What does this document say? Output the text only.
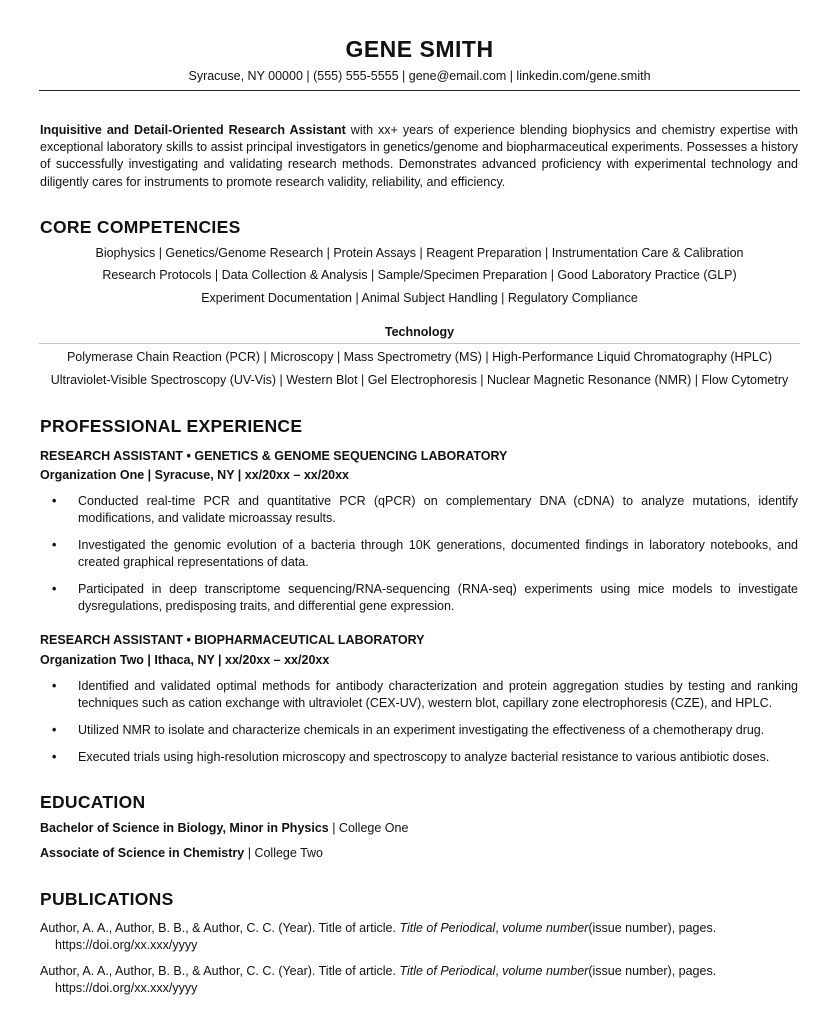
GENE SMITH
Syracuse, NY 00000 | (555) 555-5555 | gene@email.com | linkedin.com/gene.smith
Inquisitive and Detail-Oriented Research Assistant with xx+ years of experience blending biophysics and chemistry expertise with exceptional laboratory skills to assist principal investigators in genetics/genome and biopharmaceutical experiments. Possesses a history of successfully investigating and validating research methods. Demonstrates advanced proficiency with experimental technology and diligently cares for instruments to promote research validity, reliability, and efficiency.
CORE COMPETENCIES
Biophysics | Genetics/Genome Research | Protein Assays | Reagent Preparation | Instrumentation Care & Calibration
Research Protocols | Data Collection & Analysis | Sample/Specimen Preparation | Good Laboratory Practice (GLP)
Experiment Documentation | Animal Subject Handling | Regulatory Compliance
Technology
Polymerase Chain Reaction (PCR) | Microscopy | Mass Spectrometry (MS) | High-Performance Liquid Chromatography (HPLC)
Ultraviolet-Visible Spectroscopy (UV-Vis) | Western Blot | Gel Electrophoresis | Nuclear Magnetic Resonance (NMR) | Flow Cytometry
PROFESSIONAL EXPERIENCE
RESEARCH ASSISTANT • GENETICS & GENOME SEQUENCING LABORATORY
Organization One | Syracuse, NY | xx/20xx – xx/20xx
• Conducted real-time PCR and quantitative PCR (qPCR) on complementary DNA (cDNA) to analyze mutations, identify modifications, and validate microassay results.
• Investigated the genomic evolution of a bacteria through 10K generations, documented findings in laboratory notebooks, and created graphical representations of data.
• Participated in deep transcriptome sequencing/RNA-sequencing (RNA-seq) experiments using mice models to investigate dysregulations, predisposing traits, and differential gene expression.
RESEARCH ASSISTANT • BIOPHARMACEUTICAL LABORATORY
Organization Two | Ithaca, NY | xx/20xx – xx/20xx
• Identified and validated optimal methods for antibody characterization and protein aggregation studies by testing and ranking techniques such as cation exchange with ultraviolet (CEX-UV), western blot, capillary zone electrophoresis (CZE), and HPLC.
• Utilized NMR to isolate and characterize chemicals in an experiment investigating the effectiveness of a chemotherapy drug.
• Executed trials using high-resolution microscopy and spectroscopy to analyze bacterial resistance to various antibiotic doses.
EDUCATION
Bachelor of Science in Biology, Minor in Physics | College One
Associate of Science in Chemistry | College Two
PUBLICATIONS
Author, A. A., Author, B. B., & Author, C. C. (Year). Title of article. Title of Periodical, volume number(issue number), pages.
https://doi.org/xx.xxx/yyyy
Author, A. A., Author, B. B., & Author, C. C. (Year). Title of article. Title of Periodical, volume number(issue number), pages.
https://doi.org/xx.xxx/yyyy
